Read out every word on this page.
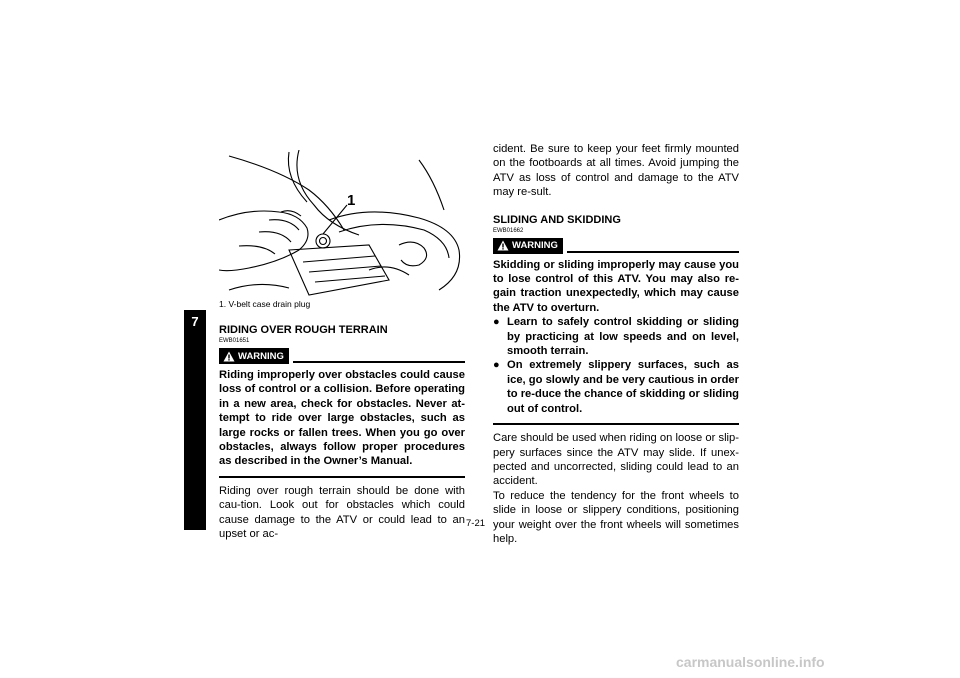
7
1
1. V-belt case drain plug
RIDING OVER ROUGH TERRAIN
EWB01651
WARNING

Riding improperly over obstacles could cause loss of control or a collision. Before operating in a new area, check for obstacles. Never at-tempt to ride over large obstacles, such as large rocks or fallen trees. When you go over obstacles, always follow proper procedures as described in the Owner’s Manual.

Riding over rough terrain should be done with cau-tion. Look out for obstacles which could cause damage to the ATV or could lead to an upset or ac-

cident. Be sure to keep your feet firmly mounted on the footboards at all times. Avoid jumping the ATV as loss of control and damage to the ATV may re-sult.

SLIDING AND SKIDDING
EWB01662
WARNING

Skidding or sliding improperly may cause you to lose control of this ATV. You may also re-gain traction unexpectedly, which may cause the ATV to overturn.

● Learn to safely control skidding or sliding by practicing at low speeds and on level, smooth terrain.
● On extremely slippery surfaces, such as ice, go slowly and be very cautious in order to re-duce the chance of skidding or sliding out of control.

Care should be used when riding on loose or slip-pery surfaces since the ATV may slide. If unex-pected and uncorrected, sliding could lead to an accident.

To reduce the tendency for the front wheels to slide in loose or slippery conditions, positioning your weight over the front wheels will sometimes help.

7-21
carmanualsonline.info
